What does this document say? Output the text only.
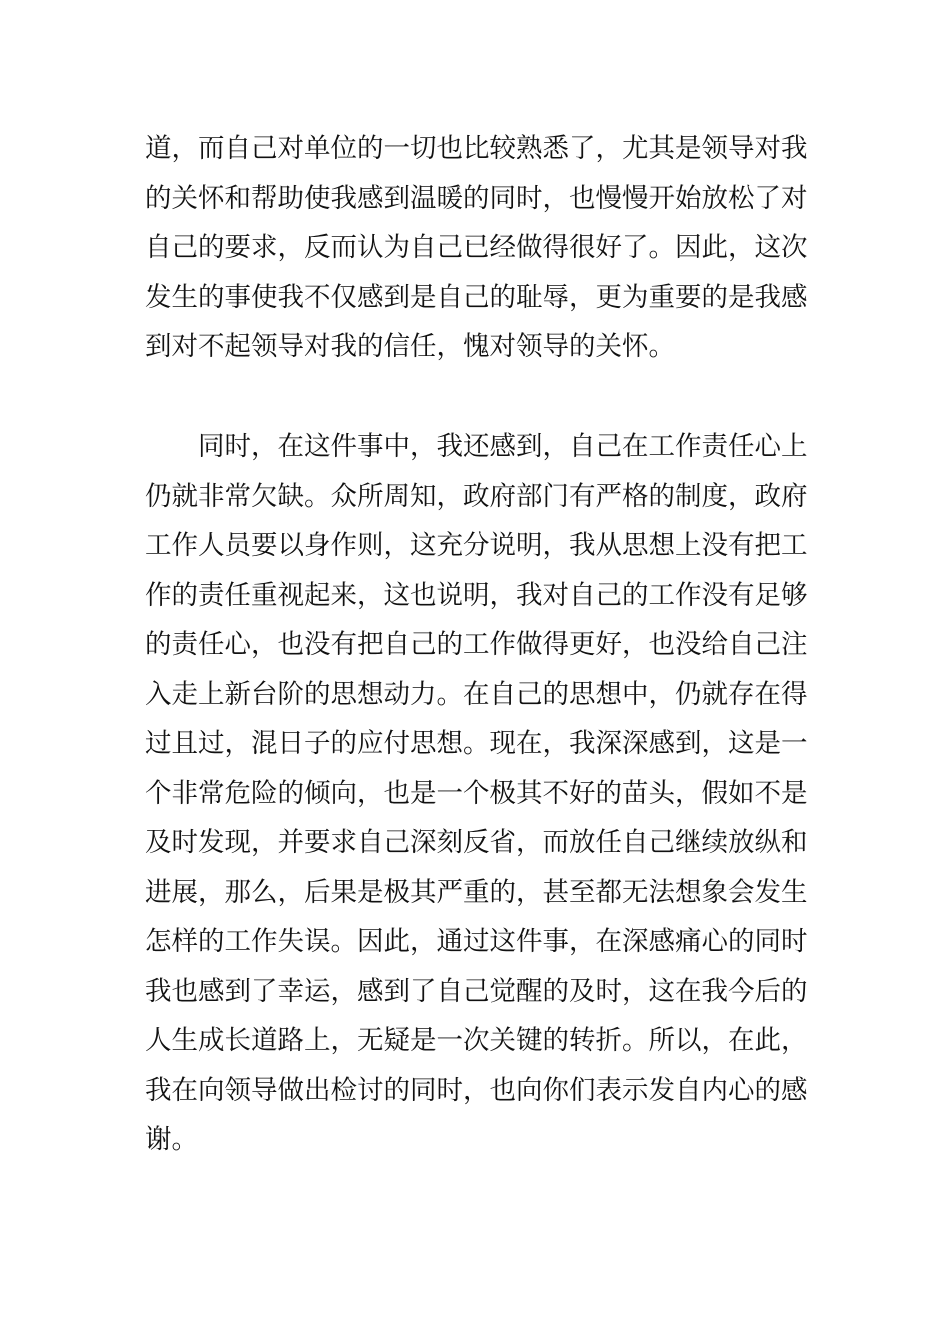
道，而自己对单位的一切也比较熟悉了，尤其是领导对我
的关怀和帮助使我感到温暖的同时，也慢慢开始放松了对
自己的要求，反而认为自己已经做得很好了。因此，这次
发生的事使我不仅感到是自己的耻辱，更为重要的是我感
到对不起领导对我的信任，愧对领导的关怀。
同时，在这件事中，我还感到，自己在工作责任心上
仍就非常欠缺。众所周知，政府部门有严格的制度，政府
工作人员要以身作则，这充分说明，我从思想上没有把工
作的责任重视起来，这也说明，我对自己的工作没有足够
的责任心，也没有把自己的工作做得更好，也没给自己注
入走上新台阶的思想动力。在自己的思想中，仍就存在得
过且过，混日子的应付思想。现在，我深深感到，这是一
个非常危险的倾向，也是一个极其不好的苗头，假如不是
及时发现，并要求自己深刻反省，而放任自己继续放纵和
进展，那么，后果是极其严重的，甚至都无法想象会发生
怎样的工作失误。因此，通过这件事，在深感痛心的同时
我也感到了幸运，感到了自己觉醒的及时，这在我今后的
人生成长道路上，无疑是一次关键的转折。所以，在此，
我在向领导做出检讨的同时，也向你们表示发自内心的感
谢。
